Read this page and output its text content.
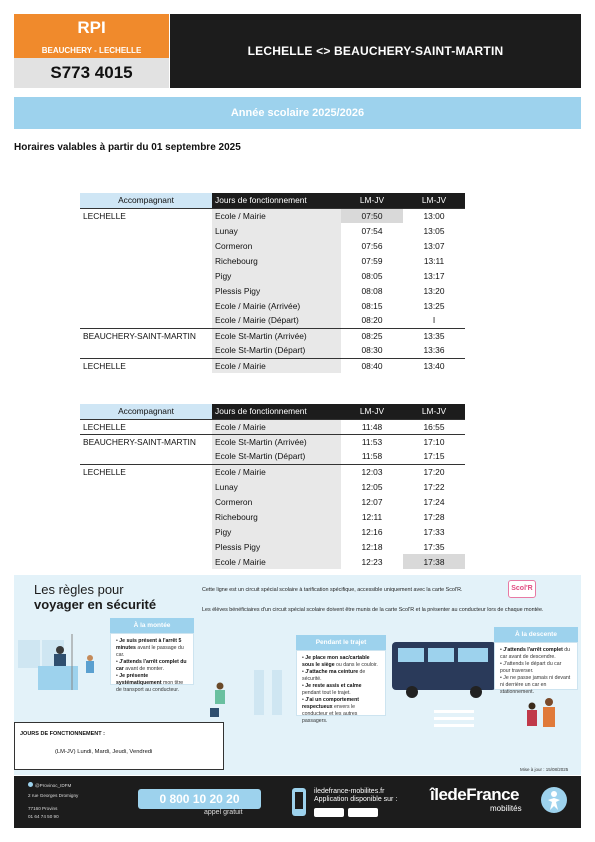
RPI
BEAUCHERY - LECHELLE
S773 4015
LECHELLE <> BEAUCHERY-SAINT-MARTIN
Année scolaire 2025/2026
Horaires valables à partir du 01 septembre 2025
Accompagnant	Jours de fonctionnement	LM-JV	LM-JV
LECHELLE	Ecole / Mairie	07:50	13:00
	Lunay	07:54	13:05
	Cormeron	07:56	13:07
	Richebourg	07:59	13:11
	Pigy	08:05	13:17
	Plessis Pigy	08:08	13:20
	Ecole / Mairie (Arrivée)	08:15	13:25
	Ecole / Mairie (Départ)	08:20	I
BEAUCHERY-SAINT-MARTIN	Ecole St-Martin (Arrivée)	08:25	13:35
	Ecole St-Martin (Départ)	08:30	13:36
LECHELLE	Ecole / Mairie	08:40	13:40
Accompagnant	Jours de fonctionnement	LM-JV	LM-JV
LECHELLE	Ecole / Mairie	11:48	16:55
BEAUCHERY-SAINT-MARTIN	Ecole St-Martin (Arrivée)	11:53	17:10
	Ecole St-Martin (Départ)	11:58	17:15
LECHELLE	Ecole / Mairie	12:03	17:20
	Lunay	12:05	17:22
	Cormeron	12:07	17:24
	Richebourg	12:11	17:28
	Pigy	12:16	17:33
	Plessis Pigy	12:18	17:35
	Ecole / Mairie	12:23	17:38
Les règles pour
voyager en sécurité
Cette ligne est un circuit spécial scolaire à tarification spécifique, accessible uniquement avec la carte Scol'R.
Les élèves bénéficiaires d'un circuit spécial scolaire doivent être munis de la carte Scol'R et la présenter au conducteur lors de chaque montée.
Scol'R
À la montée
• Je suis présent à l'arrêt 5 minutes avant le passage du car.
• J'attends l'arrêt complet du car avant de monter.
• Je présente systématiquement mon titre de transport au conducteur.
Pendant le trajet
• Je place mon sac/cartable sous le siège ou dans le couloir.
• J'attache ma ceinture de sécurité.
• Je reste assis et calme pendant tout le trajet.
• J'ai un comportement respectueux envers le conducteur et les autres passagers.
À la descente
• J'attends l'arrêt complet du car avant de descendre.
• J'attends le départ du car pour traverser.
• Je ne passe jamais ni devant ni derrière un car en stationnement.
JOURS DE FONCTIONNEMENT :
(LM-JV) Lundi, Mardi, Jeudi, Vendredi
Mise à jour : 15/08/2025
@Provinoc_IDFM
2 rue Georges Dromigny
77160 Provins
01 64 74 50 90
0 800 10 20 20
appel gratuit
iledefrance-mobilites.fr
Application disponible sur : îledeFrance
mobilités
